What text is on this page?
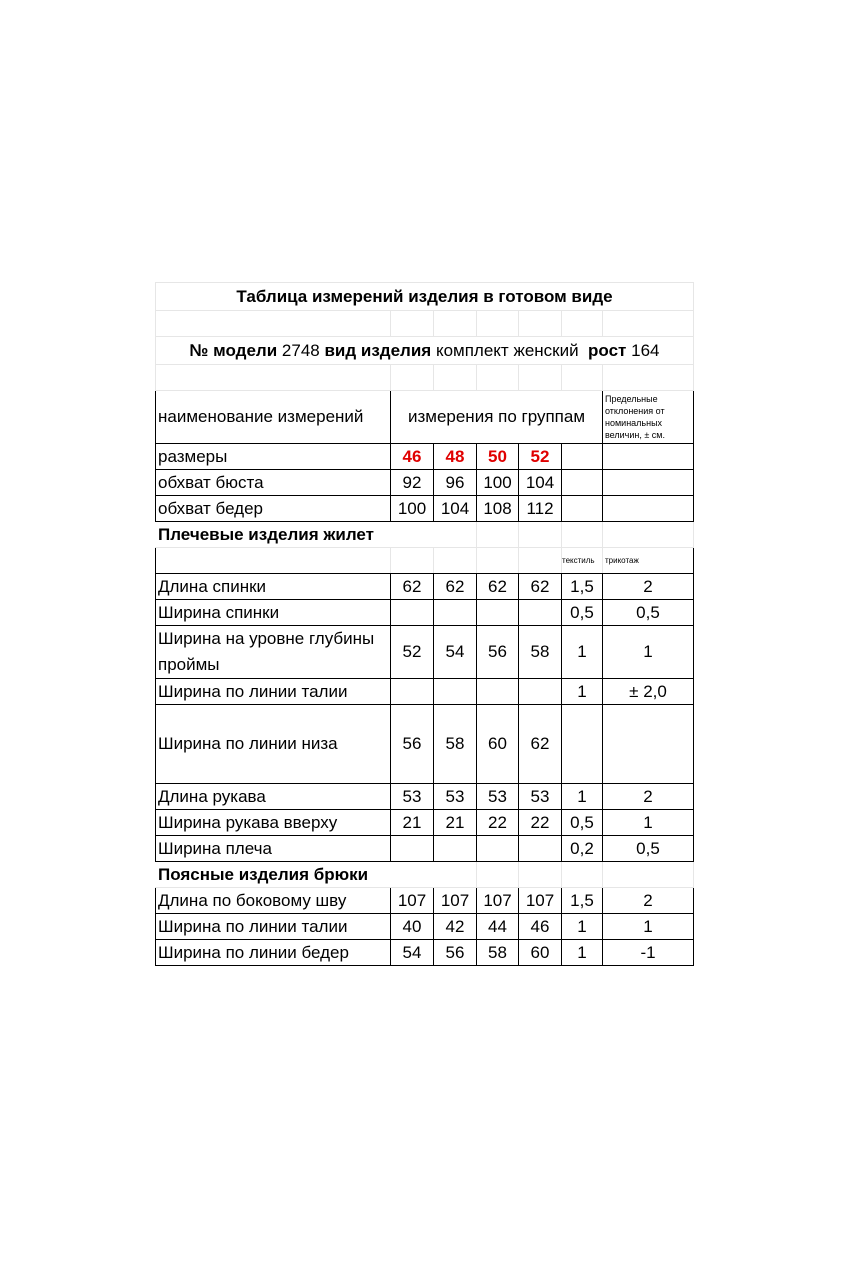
Таблица измерений изделия в готовом виде						

№ модели 2748 вид изделия комплект женский рост 164						

наименование измерений	измерения по группам					Предельные отклонения от номинальных величин, ± см.
размеры	46	48	50	52		
обхват бюста	92	96	100	104		
обхват бедер	100	104	108	112		
Плечевые изделия жилет						
					текстиль	трикотаж
Длина спинки	62	62	62	62	1,5	2
Ширина спинки					0,5	0,5
Ширина на уровне глубины проймы	52	54	56	58	1	1
Ширина по линии талии					1	± 2,0
Ширина по линии низа	56	58	60	62		
Длина рукава	53	53	53	53	1	2
Ширина рукава вверху	21	21	22	22	0,5	1
Ширина плеча					0,2	0,5
Поясные изделия брюки						
Длина по боковому шву	107	107	107	107	1,5	2
Ширина по линии талии	40	42	44	46	1	1
Ширина по линии бедер	54	56	58	60	1	-1
